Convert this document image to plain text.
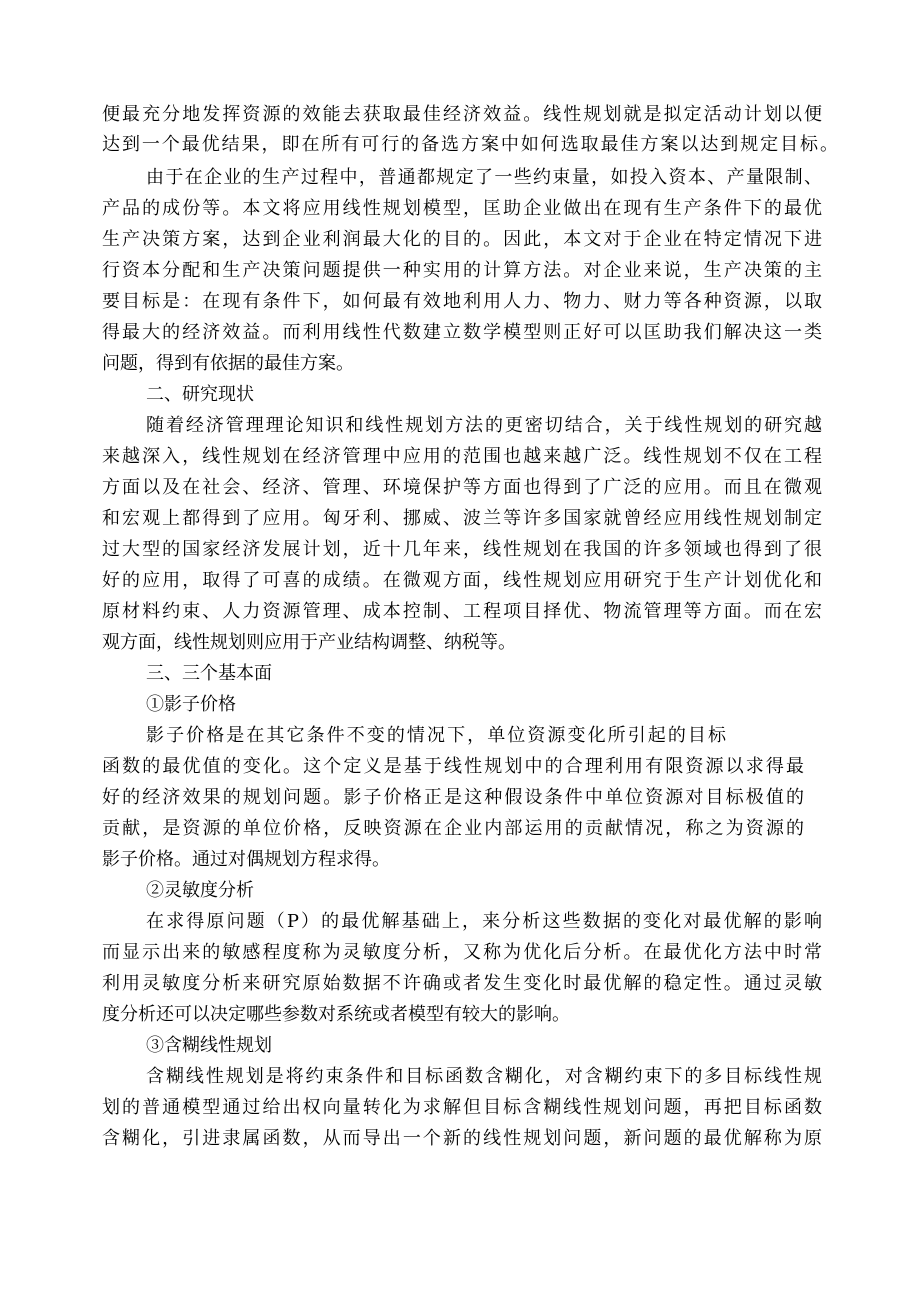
便最充分地发挥资源的效能去获取最佳经济效益。线性规划就是拟定活动计划以便
达到一个最优结果，即在所有可行的备选方案中如何选取最佳方案以达到规定目标。
由于在企业的生产过程中，普通都规定了一些约束量，如投入资本、产量限制、
产品的成份等。本文将应用线性规划模型，匡助企业做出在现有生产条件下的最优
生产决策方案，达到企业利润最大化的目的。因此，本文对于企业在特定情况下进
行资本分配和生产决策问题提供一种实用的计算方法。对企业来说，生产决策的主
要目标是：在现有条件下，如何最有效地利用人力、物力、财力等各种资源，以取
得最大的经济效益。而利用线性代数建立数学模型则正好可以匡助我们解决这一类
问题，得到有依据的最佳方案。
二、研究现状
随着经济管理理论知识和线性规划方法的更密切结合，关于线性规划的研究越
来越深入，线性规划在经济管理中应用的范围也越来越广泛。线性规划不仅在工程
方面以及在社会、经济、管理、环境保护等方面也得到了广泛的应用。而且在微观
和宏观上都得到了应用。匈牙利、挪威、波兰等许多国家就曾经应用线性规划制定
过大型的国家经济发展计划，近十几年来，线性规划在我国的许多领域也得到了很
好的应用，取得了可喜的成绩。在微观方面，线性规划应用研究于生产计划优化和
原材料约束、人力资源管理、成本控制、工程项目择优、物流管理等方面。而在宏
观方面，线性规划则应用于产业结构调整、纳税等。
三、三个基本面
①影子价格
影子价格是在其它条件不变的情况下，单位资源变化所引起的目标
函数的最优值的变化。这个定义是基于线性规划中的合理利用有限资源以求得最
好的经济效果的规划问题。影子价格正是这种假设条件中单位资源对目标极值的
贡献，是资源的单位价格，反映资源在企业内部运用的贡献情况，称之为资源的
影子价格。通过对偶规划方程求得。
②灵敏度分析
在求得原问题（P）的最优解基础上，来分析这些数据的变化对最优解的影响
而显示出来的敏感程度称为灵敏度分析，又称为优化后分析。在最优化方法中时常
利用灵敏度分析来研究原始数据不许确或者发生变化时最优解的稳定性。通过灵敏
度分析还可以决定哪些参数对系统或者模型有较大的影响。
③含糊线性规划
含糊线性规划是将约束条件和目标函数含糊化，对含糊约束下的多目标线性规
划的普通模型通过给出权向量转化为求解但目标含糊线性规划问题，再把目标函数
含糊化，引进隶属函数，从而导出一个新的线性规划问题，新问题的最优解称为原
